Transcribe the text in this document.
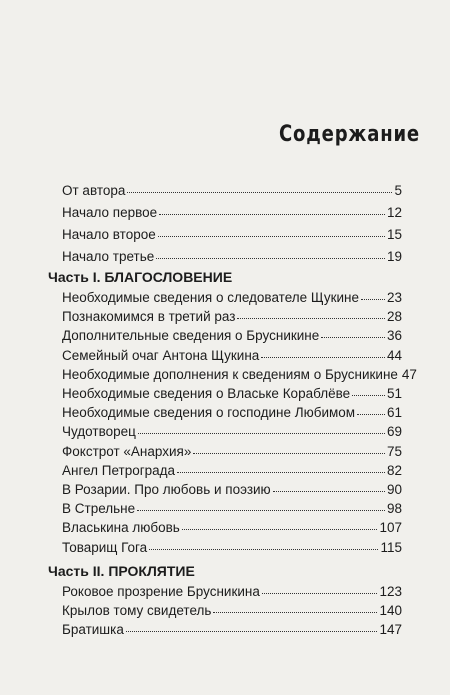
Содержание
От автора	5
Начало первое	12
Начало второе	15
Начало третье	19
Часть I. БЛАГОСЛОВЕНИЕ
Необходимые сведения о следователе Щукине 23
Познакомимся в третий раз	28
Дополнительные сведения о Брусникине	36
Семейный очаг Антона Щукина	44
Необходимые дополнения к сведениям о Брусникине 47
Необходимые сведения о Влаське Кораблёве	51
Необходимые сведения о господине Любимом 61
Чудотворец	69
Фокстрот «Анархия»	75
Ангел Петрограда	82
В Розарии. Про любовь и поэзию	90
В Стрельне	98
Власькина любовь	107
Товарищ Гога	115
Часть II. ПРОКЛЯТИЕ
Роковое прозрение Брусникина	123
Крылов тому свидетель	140
Братишка	147
